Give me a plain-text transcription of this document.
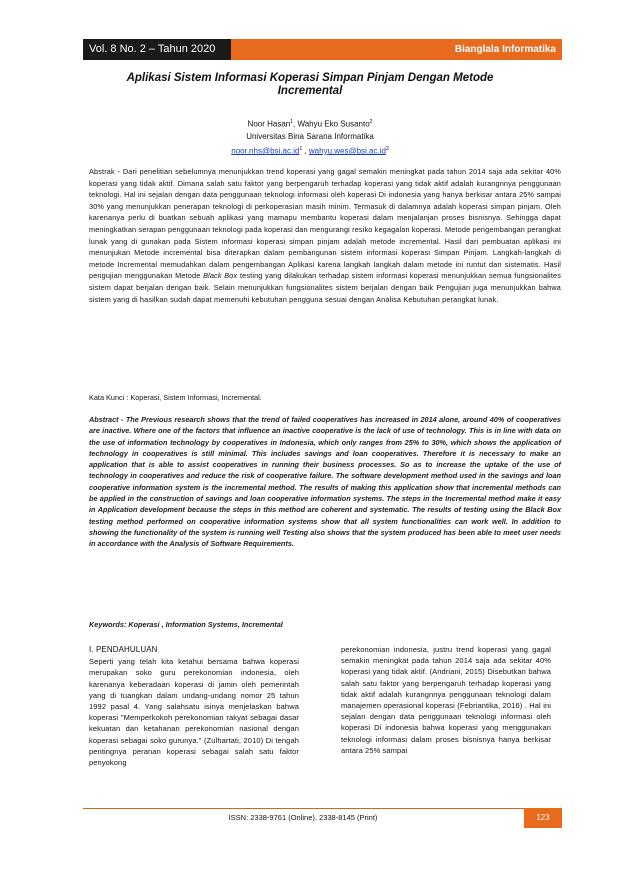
Vol. 8 No. 2 – Tahun 2020	Bianglala Informatika
Aplikasi Sistem Informasi Koperasi Simpan Pinjam Dengan Metode Incremental
Noor Hasan$^1$, Wahyu Eko Susanto$^2$
Universitas Bina Sarana Informatika
$noor.nhs@bsi.ac.id^1$ , $wahyu.wes@bsi.ac.id^2$

Abstrak - Dari penelitian sebelumnya menunjukkan trend koperasi yang gagal semakin meningkat pada tahun 2014 saja ada sekitar 40% koperasi yang tidak aktif. Dimana salah satu faktor yang berpengaruh terhadap koperasi yang tidak aktif adalah kurangnnya penggunaan teknologi. Hal ini sejalan dengan data penggunaan teknologi informasi oleh koperasi Di indonesia yang hanya berkisar antara 25% sampai 30% yang menunjukkan penerapan teknologi di perkoperasian masih minim. Termasuk di dalamnya adalah koperasi simpan pinjam. Oleh karenanya perlu di buatkan sebuah aplikasi yang mamapu membantu koperasi dalam menjalanjan proses bisnisnya. Sehingga dapat meningkatkan serapan penggunaan teknologi pada koperasi dan mengurangi resiko kegagalan koperasi. Metode pengembangan perangkat lunak yang di gunakan pada Sistem informasi koperasi simpan pinjam adalah metode incremental. Hasil dari pembuatan aplikasi ini menunjukan Metode incremental bisa diterapkan dalam pembangunan sistem informasi koperasi Simpan Pinjam. Langkah-langkah di metode Incremental memudahkan dalam pengembangan Aplikasi karena langkah langkah dalam metode ini runtut dan sistematis. Hasil pengujian menggunakan Metode Black Box testing yang dilakukan terhadap sistem informasi koperasi menunjukkan semua fungsionalites sistem dapat berjalan dengan baik. Selain menunjukkan fungsionalites sistem berjalan dengan baik Pengujian juga menunjukkan bahwa sistem yang di hasilkan sudah dapat memenuhi kebutuhan pengguna sesuai dengan Analisa Kebutuhan perangkat lunak.

Kata Kunci : Koperasi, Sistem Informasi, Incremental.
Abstract - The Previous research shows that the trend of failed cooperatives has increased in 2014 alone, around 40% of cooperatives are inactive. Where one of the factors that influence an inactive cooperative is the lack of use of technology. This is in line with data on the use of information technology by cooperatives in Indonesia, which only ranges from 25% to 30%, which shows the application of technology in cooperatives is still minimal. This includes savings and loan cooperatives. Therefore it is necessary to make an application that is able to assist cooperatives in running their business processes. So as to increase the uptake of the use of technology in cooperatives and reduce the risk of cooperative failure. The software development method used in the savings and loan cooperative information system is the incremental method. The results of making this application show that incremental methods can be applied in the construction of savings and loan cooperative information systems. The steps in the Incremental method make it easy in Application development because the steps in this method are coherent and systematic. The results of testing using the Black Box testing method performed on cooperative information systems show that all system functionalities can work well. In addition to showing the functionality of the system is running well Testing also shows that the system produced has been able to meet user needs in accordance with the Analysis of Software Requirements.
Keywords: Koperasi , Information Systems, Incremental
I. PENDAHULUAN
Seperti yang telah kita ketahui bersama bahwa koperasi merupakan soko guru perekonomian indonesia, oleh karenanya keberadaan koperasi di jamin oleh pemerintah yang di tuangkan dalam undang-undang nomor 25 tahun 1992 pasal 4. Yang salahsatu isinya menjelaskan bahwa koperasi "Memperkokoh perekonomian rakyat sebagai dasar kekuatan dan ketahanan perekonomian nasional dengan koperasi sebagai soko gurunya." (Zulhartati, 2010) Di tengah pentingnya peranan koperasi sebagai salah satu faktor penyokong
perekonomian indonesia, justru trend koperasi yang gagal semakin meningkat pada tahun 2014 saja ada sekitar 40% koperasi yang tidak aktif. (Andriani, 2015) Disebutkan bahwa salah satu faktor yang berpengaruh terhadap koperasi yang tidak aktif adalah kurangnnya penggunaan teknologi dalam manajemen operasional koperasi (Febriantika, 2016) . Hal ini sejalan dengan data penggunaan teknologi informasi oleh koperasi Di indonesia bahwa koperasi yang menggunakan teknologi informasi dalam proses bisnisnya hanya berkisar antara 25% sampai
ISSN: 2338-9761 (Online), 2338-8145 (Print)	123
